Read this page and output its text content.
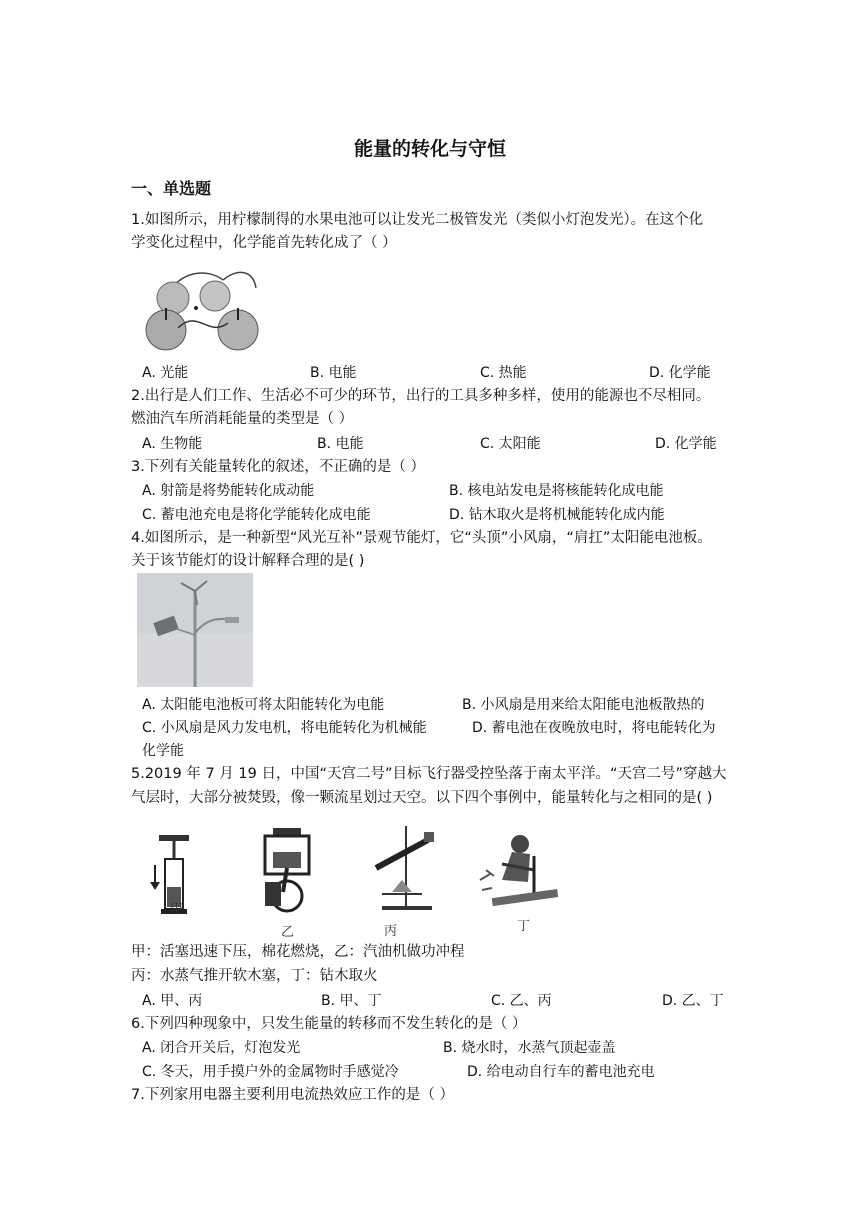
能量的转化与守恒
一、单选题
1.如图所示，用柠檬制得的水果电池可以让发光二极管发光（类似小灯泡发光）。在这个化
学变化过程中，化学能首先转化成了（ ）
A. 光能	B. 电能	C. 热能	D. 化学能
2.出行是人们工作、生活必不可少的环节，出行的工具多种多样，使用的能源也不尽相同。
燃油汽车所消耗能量的类型是（ ）
A. 生物能	B. 电能	C. 太阳能	D. 化学能
3.下列有关能量转化的叙述，不正确的是（ ）
A. 射箭是将势能转化成动能	B. 核电站发电是将核能转化成电能
C. 蓄电池充电是将化学能转化成电能	D. 钻木取火是将机械能转化成内能
4.如图所示，是一种新型“风光互补”景观节能灯，它“头顶”小风扇，“肩扛”太阳能电池板。
关于该节能灯的设计解释合理的是( )
A. 太阳能电池板可将太阳能转化为电能	B. 小风扇是用来给太阳能电池板散热的
C. 小风扇是风力发电机，将电能转化为机械能	D. 蓄电池在夜晚放电时，将电能转化为
化学能
5.2019 年 7 月 19 日，中国“天宫二号”目标飞行器受控坠落于南太平洋。“天宫二号”穿越大
气层时，大部分被焚毁，像一颗流星划过天空。以下四个事例中，能量转化与之相同的是( )
甲
乙	丙	丁
甲：活塞迅速下压，棉花燃烧，乙：汽油机做功冲程
丙：水蒸气推开软木塞，丁：钻木取火
A. 甲、丙	B. 甲、丁	C. 乙、丙	D. 乙、丁
6.下列四种现象中，只发生能量的转移而不发生转化的是（ ）
A. 闭合开关后，灯泡发光	B. 烧水时，水蒸气顶起壶盖
C. 冬天，用手摸户外的金属物时手感觉冷	D. 给电动自行车的蓄电池充电
7.下列家用电器主要利用电流热效应工作的是（ ）
